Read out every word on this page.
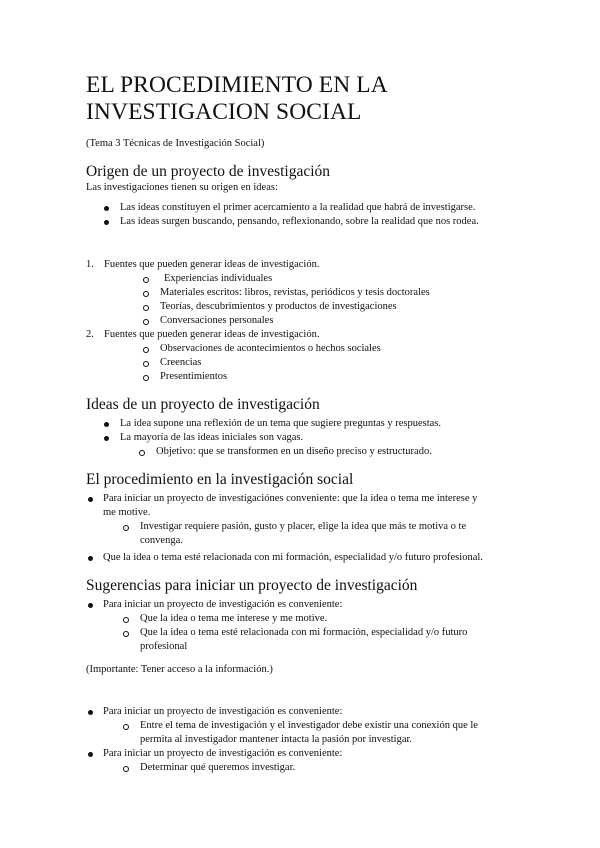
EL PROCEDIMIENTO EN LA
INVESTIGACION SOCIAL

(Tema 3 Técnicas de Investigación Social)

Origen de un proyecto de investigación

Las investigaciones tienen su origen en ideas:

Las ideas constituyen el primer acercamiento a la realidad que habrá de investigarse.

Las ideas surgen buscando, pensando, reflexionando, sobre la realidad que nos rodea.

1. Fuentes que pueden generar ideas de investigación.

Experiencias individuales

Materiales escritos: libros, revistas, periódicos y tesis doctorales

Teorías, descubrimientos y productos de investigaciones

Conversaciones personales

2. Fuentes que pueden generar ideas de investigación.

Observaciones de acontecimientos o hechos sociales

Creencias

Presentimientos

Ideas de un proyecto de investigación

La idea supone una reflexión de un tema que sugiere preguntas y respuestas.

La mayoría de las ideas iniciales son vagas.

Objetivo: que se transformen en un diseño preciso y estructurado.

El procedimiento en la investigación social

Para iniciar un proyecto de investigaciónes conveniente: que la idea o tema me interese y

me motive.

Investigar requiere pasión, gusto y placer, elige la idea que más te motiva o te

convenga.

Que la idea o tema esté relacionada con mi formación, especialidad y/o futuro profesional.

Sugerencias para iniciar un proyecto de investigación

Para iniciar un proyecto de investigación es conveniente:

Que la idea o tema me interese y me motive.

Que la idea o tema esté relacionada con mi formación, especialidad y/o futuro

profesional

(Importante: Tener acceso a la información.)

Para iniciar un proyecto de investigación es conveniente:

Entre el tema de investigación y el investigador debe existir una conexión que le

permita al investigador mantener intacta la pasión por investigar.

Para iniciar un proyecto de investigación es conveniente:

Determinar qué queremos investigar.
